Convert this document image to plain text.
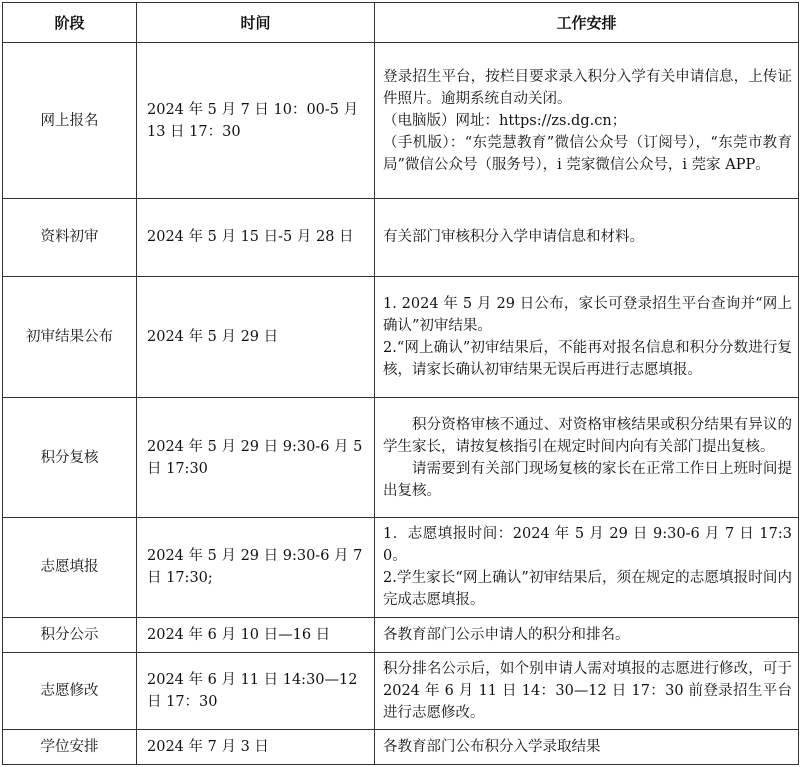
阶段	时间	工作安排
网上报名	2024 年 5 月 7 日 10：00-5 月 13 日 17：30	登录招生平台，按栏目要求录入积分入学有关申请信息，上传证件照片。逾期系统自动关闭。
（电脑版）网址：https://zs.dg.cn；
（手机版）：“东莞慧教育”微信公众号（订阅号），“东莞市教育局”微信公众号（服务号），i 莞家微信公众号，i 莞家 APP。

资料初审	2024 年 5 月 15 日-5 月 28 日	有关部门审核积分入学申请信息和材料。

初审结果公布	2024 年 5 月 29 日	1. 2024 年 5 月 29 日公布，家长可登录招生平台查询并“网上确认”初审结果。
2.“网上确认”初审结果后，不能再对报名信息和积分分数进行复核，请家长确认初审结果无误后再进行志愿填报。

积分复核	2024 年 5 月 29 日 9:30-6 月 5 日 17:30	积分资格审核不通过、对资格审核结果或积分结果有异议的学生家长，请按复核指引在规定时间内向有关部门提出复核。
请需要到有关部门现场复核的家长在正常工作日上班时间提出复核。

志愿填报	2024 年 5 月 29 日 9:30-6 月 7 日 17:30;	1．志愿填报时间：2024 年 5 月 29 日 9:30-6 月 7 日 17:30。
2.学生家长“网上确认”初审结果后，须在规定的志愿填报时间内完成志愿填报。

积分公示	2024 年 6 月 10 日—16 日	各教育部门公示申请人的积分和排名。

志愿修改	2024 年 6 月 11 日 14:30—12 日 17：30	积分排名公示后，如个别申请人需对填报的志愿进行修改，可于 2024 年 6 月 11 日 14：30—12 日 17：30 前登录招生平台进行志愿修改。

学位安排	2024 年 7 月 3 日	各教育部门公布积分入学录取结果
